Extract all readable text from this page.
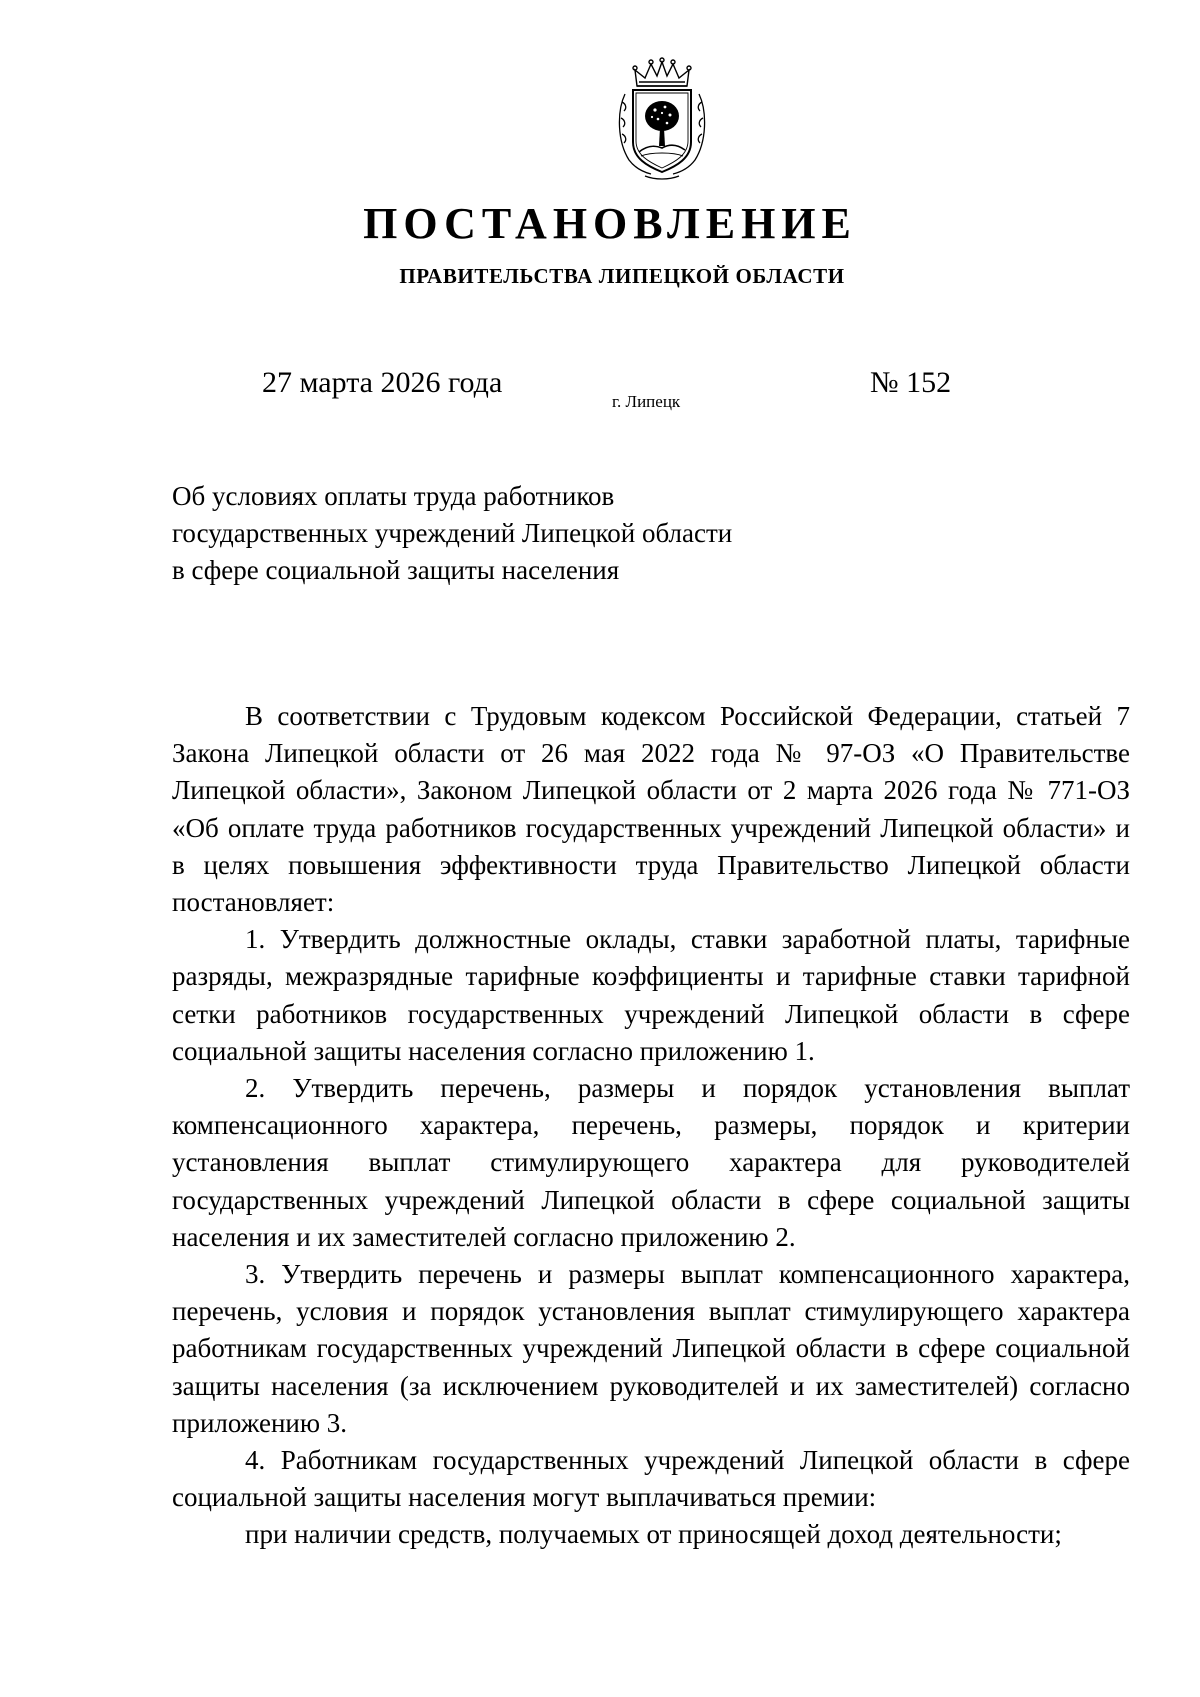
ПОСТАНОВЛЕНИЕ
ПРАВИТЕЛЬСТВА ЛИПЕЦКОЙ ОБЛАСТИ
27 марта 2026 года
г. Липецк
№ 152
Об условиях оплаты труда работников
государственных учреждений Липецкой области
в сфере социальной защиты населения

В соответствии с Трудовым кодексом Российской Федерации, статьей 7 Закона Липецкой области от 26 мая 2022 года № 97-ОЗ «О Правительстве Липецкой области», Законом Липецкой области от 2 марта 2026 года № 771-ОЗ «Об оплате труда работников государственных учреждений Липецкой области» и в целях повышения эффективности труда Правительство Липецкой области постановляет:

1. Утвердить должностные оклады, ставки заработной платы, тарифные разряды, межразрядные тарифные коэффициенты и тарифные ставки тарифной сетки работников государственных учреждений Липецкой области в сфере социальной защиты населения согласно приложению 1.

2. Утвердить перечень, размеры и порядок установления выплат компенсационного характера, перечень, размеры, порядок и критерии установления выплат стимулирующего характера для руководителей государственных учреждений Липецкой области в сфере социальной защиты населения и их заместителей согласно приложению 2.

3. Утвердить перечень и размеры выплат компенсационного характера, перечень, условия и порядок установления выплат стимулирующего характера работникам государственных учреждений Липецкой области в сфере социальной защиты населения (за исключением руководителей и их заместителей) согласно приложению 3.

4. Работникам государственных учреждений Липецкой области в сфере социальной защиты населения могут выплачиваться премии:

при наличии средств, получаемых от приносящей доход деятельности;
